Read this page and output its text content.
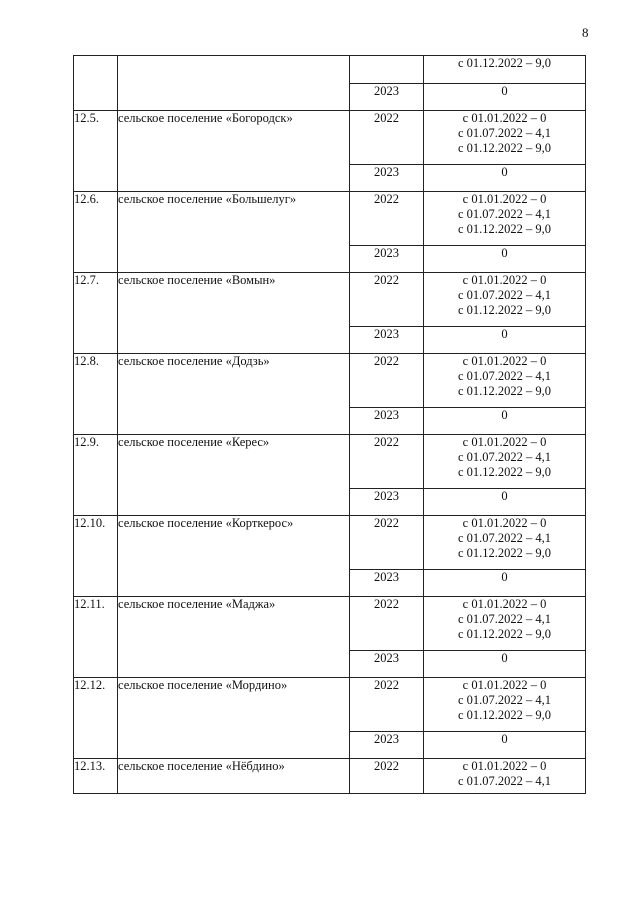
8

			с 01.12.2022 – 9,0

		2023	0

12.5.	сельское поселение «Богородск»	2022	с 01.01.2022 – 0
с 01.07.2022 – 4,1
с 01.12.2022 – 9,0

		2023	0
12.6.	сельское поселение «Большелуг»	2022	с 01.01.2022 – 0
с 01.07.2022 – 4,1
с 01.12.2022 – 9,0

		2023	0
12.7.	сельское поселение «Вомын»	2022	с 01.01.2022 – 0
с 01.07.2022 – 4,1
с 01.12.2022 – 9,0

		2023	0
12.8.	сельское поселение «Додзь»	2022	с 01.01.2022 – 0
с 01.07.2022 – 4,1
с 01.12.2022 – 9,0

		2023	0
12.9.	сельское поселение «Керес»	2022	с 01.01.2022 – 0
с 01.07.2022 – 4,1
с 01.12.2022 – 9,0

		2023	0
12.10.	сельское поселение «Корткерос»	2022	с 01.01.2022 – 0
с 01.07.2022 – 4,1
с 01.12.2022 – 9,0

		2023	0
12.11.	сельское поселение «Маджа»	2022	с 01.01.2022 – 0
с 01.07.2022 – 4,1
с 01.12.2022 – 9,0

		2023	0
12.12.	сельское поселение «Мордино»	2022	с 01.01.2022 – 0
с 01.07.2022 – 4,1
с 01.12.2022 – 9,0

		2023	0
12.13.	сельское поселение «Нёбдино»	2022	с 01.01.2022 – 0
с 01.07.2022 – 4,1
